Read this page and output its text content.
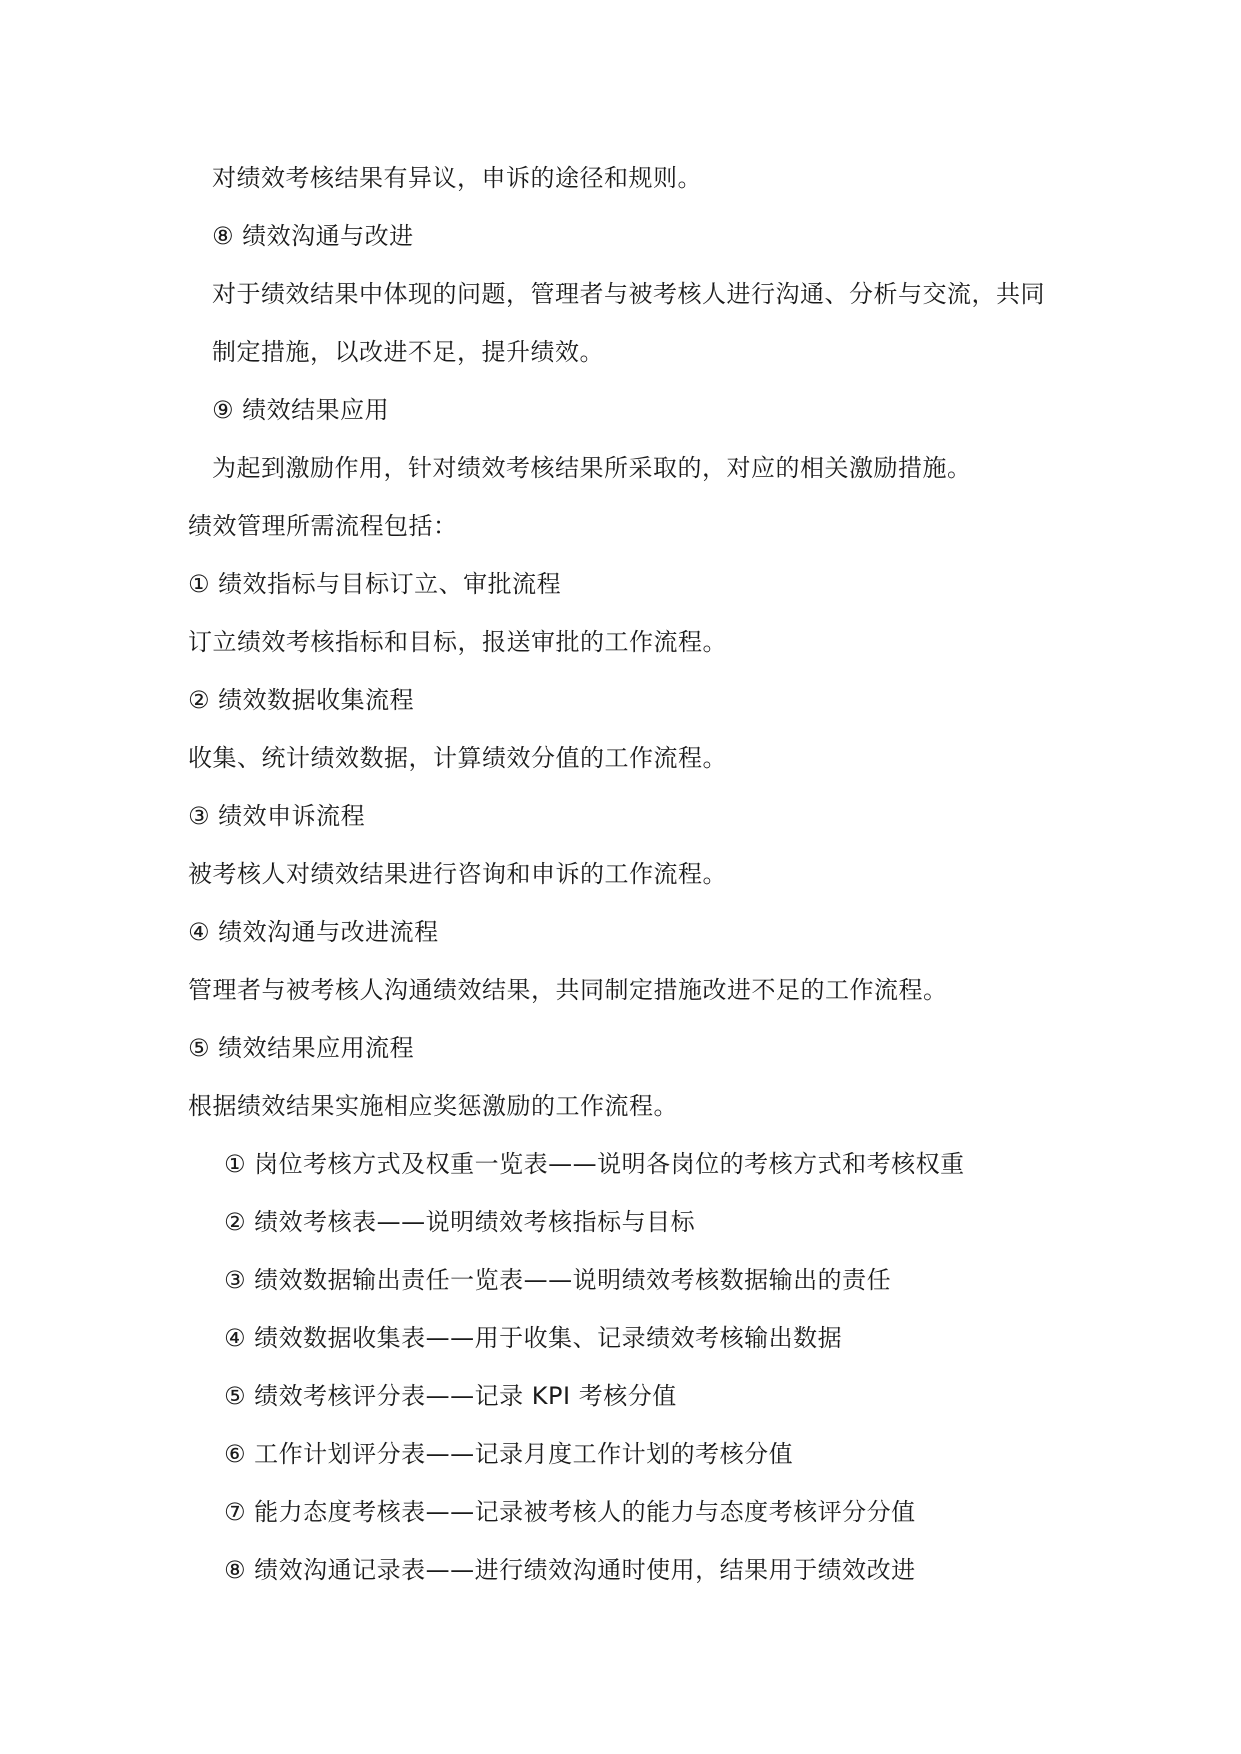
对绩效考核结果有异议，申诉的途径和规则。
⑧ 绩效沟通与改进
对于绩效结果中体现的问题，管理者与被考核人进行沟通、分析与交流，共同
制定措施，以改进不足，提升绩效。
⑨ 绩效结果应用
为起到激励作用，针对绩效考核结果所采取的，对应的相关激励措施。
绩效管理所需流程包括：
① 绩效指标与目标订立、审批流程
订立绩效考核指标和目标，报送审批的工作流程。
② 绩效数据收集流程
收集、统计绩效数据，计算绩效分值的工作流程。
③ 绩效申诉流程
被考核人对绩效结果进行咨询和申诉的工作流程。
④ 绩效沟通与改进流程
管理者与被考核人沟通绩效结果，共同制定措施改进不足的工作流程。
⑤ 绩效结果应用流程
根据绩效结果实施相应奖惩激励的工作流程。
① 岗位考核方式及权重一览表——说明各岗位的考核方式和考核权重
② 绩效考核表——说明绩效考核指标与目标
③ 绩效数据输出责任一览表——说明绩效考核数据输出的责任
④ 绩效数据收集表——用于收集、记录绩效考核输出数据
⑤ 绩效考核评分表——记录 KPI 考核分值
⑥ 工作计划评分表——记录月度工作计划的考核分值
⑦ 能力态度考核表——记录被考核人的能力与态度考核评分分值
⑧ 绩效沟通记录表——进行绩效沟通时使用，结果用于绩效改进
